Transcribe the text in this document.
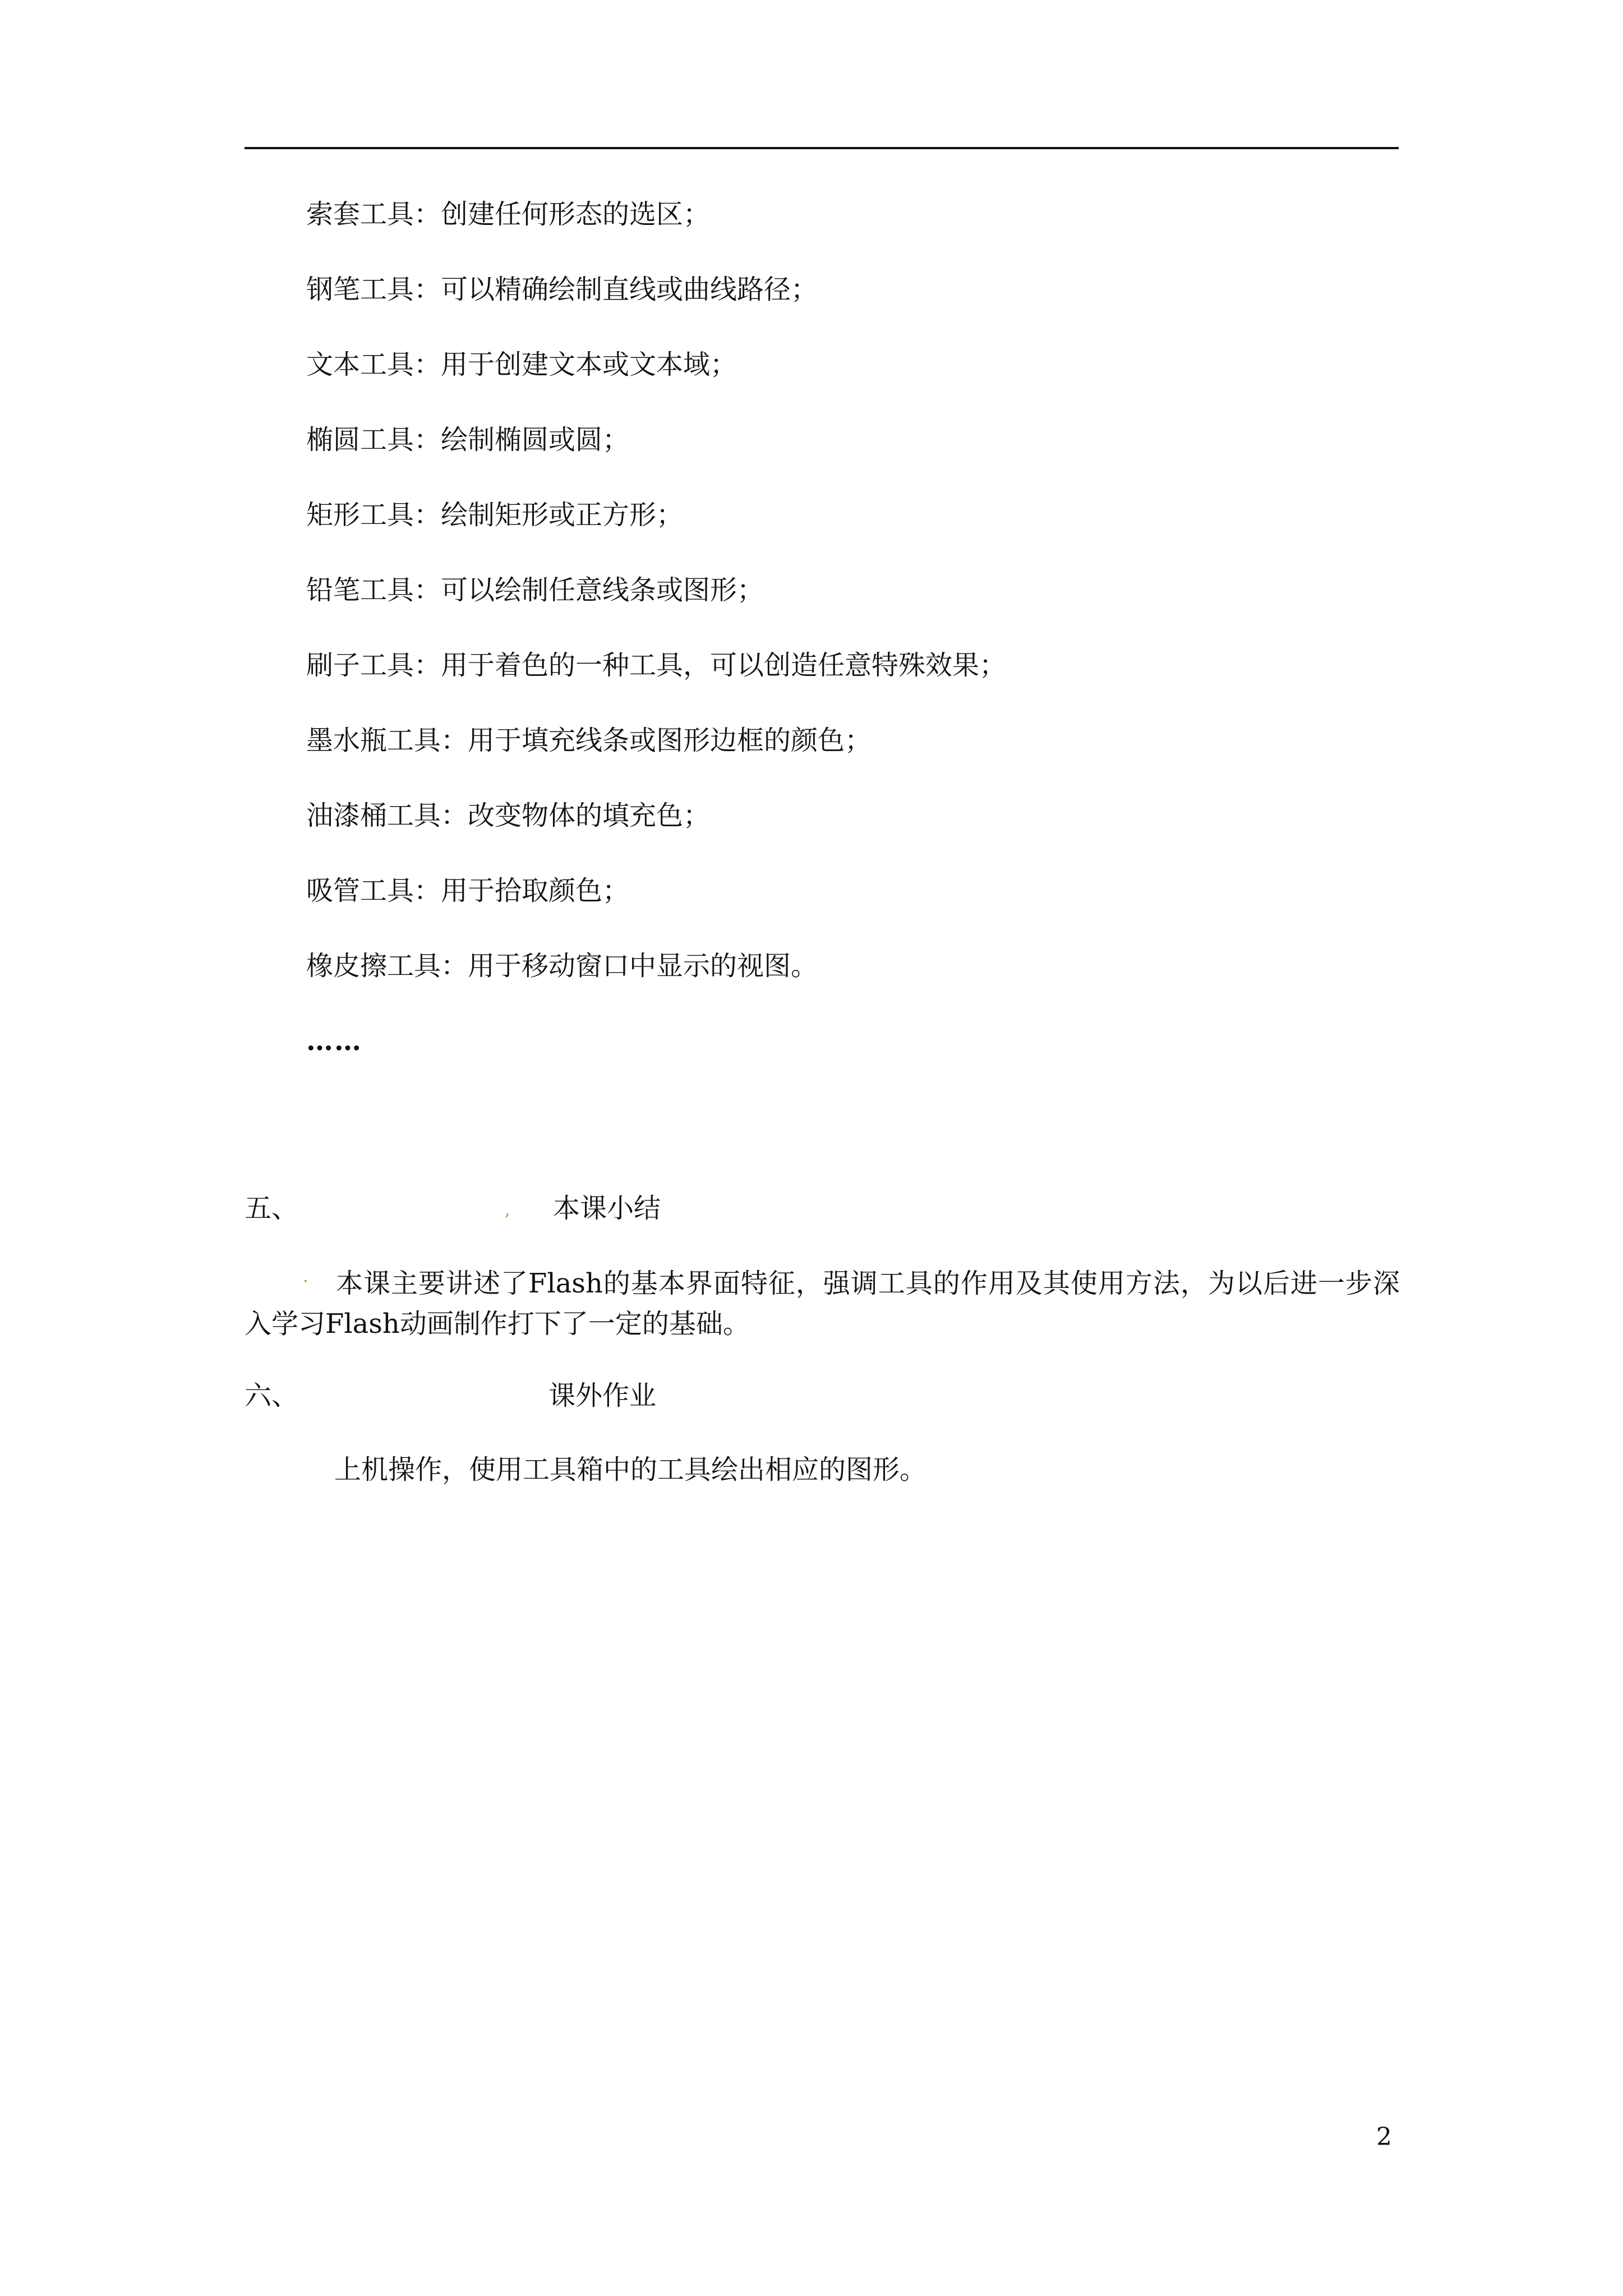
索套工具：创建任何形态的选区；
钢笔工具：可以精确绘制直线或曲线路径；
文本工具：用于创建文本或文本域；
椭圆工具：绘制椭圆或圆；
矩形工具：绘制矩形或正方形；
铅笔工具：可以绘制任意线条或图形；
刷子工具：用于着色的一种工具，可以创造任意特殊效果；
墨水瓶工具：用于填充线条或图形边框的颜色；
油漆桶工具：改变物体的填充色；
吸管工具：用于拾取颜色；
橡皮擦工具：用于移动窗口中显示的视图。
……
五、	本课小结
,

本课主要讲述了Flash的基本界面特征，强调工具的作用及其使用方法，为以后进一步深入学习Flash动画制作打下了一定的基础。

.
六、	课外作业
上机操作，使用工具箱中的工具绘出相应的图形。
2
